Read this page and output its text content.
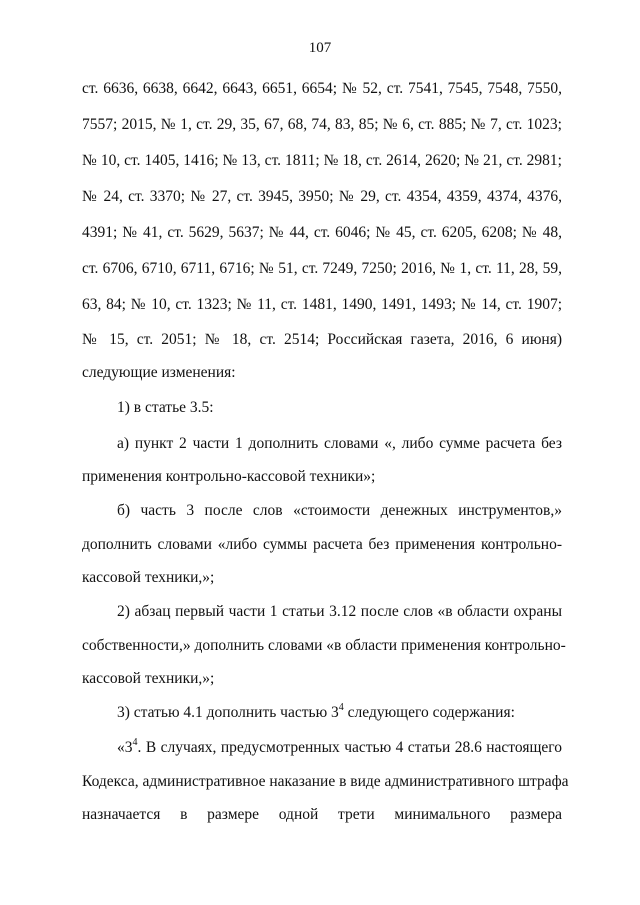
107
ст. 6636, 6638, 6642, 6643, 6651, 6654; № 52, ст. 7541, 7545, 7548, 7550,
7557; 2015, № 1, ст. 29, 35, 67, 68, 74, 83, 85; № 6, ст. 885; № 7, ст. 1023;
№ 10, ст. 1405, 1416; № 13, ст. 1811; № 18, ст. 2614, 2620; № 21, ст. 2981;
№ 24, ст. 3370; № 27, ст. 3945, 3950; № 29, ст. 4354, 4359, 4374, 4376,
4391; № 41, ст. 5629, 5637; № 44, ст. 6046; № 45, ст. 6205, 6208; № 48,
ст. 6706, 6710, 6711, 6716; № 51, ст. 7249, 7250; 2016, № 1, ст. 11, 28, 59,
63, 84; № 10, ст. 1323; № 11, ст. 1481, 1490, 1491, 1493; № 14, ст. 1907;
№ 15, ст. 2051; № 18, ст. 2514; Российская газета, 2016, 6 июня)
следующие изменения:
1) в статье 3.5:
а) пункт 2 части 1 дополнить словами «, либо сумме расчета без
применения контрольно-кассовой техники»;
б) часть 3 после слов «стоимости денежных инструментов,»
дополнить словами «либо суммы расчета без применения контрольно-
кассовой техники,»;
2) абзац первый части 1 статьи 3.12 после слов «в области охраны
собственности,» дополнить словами «в области применения контрольно-
кассовой техники,»;
3) статью 4.1 дополнить частью $3^4$ следующего содержания:
«$3^4$. В случаях, предусмотренных частью 4 статьи 28.6 настоящего
Кодекса, административное наказание в виде административного штрафа
назначается в размере одной трети минимального размера
